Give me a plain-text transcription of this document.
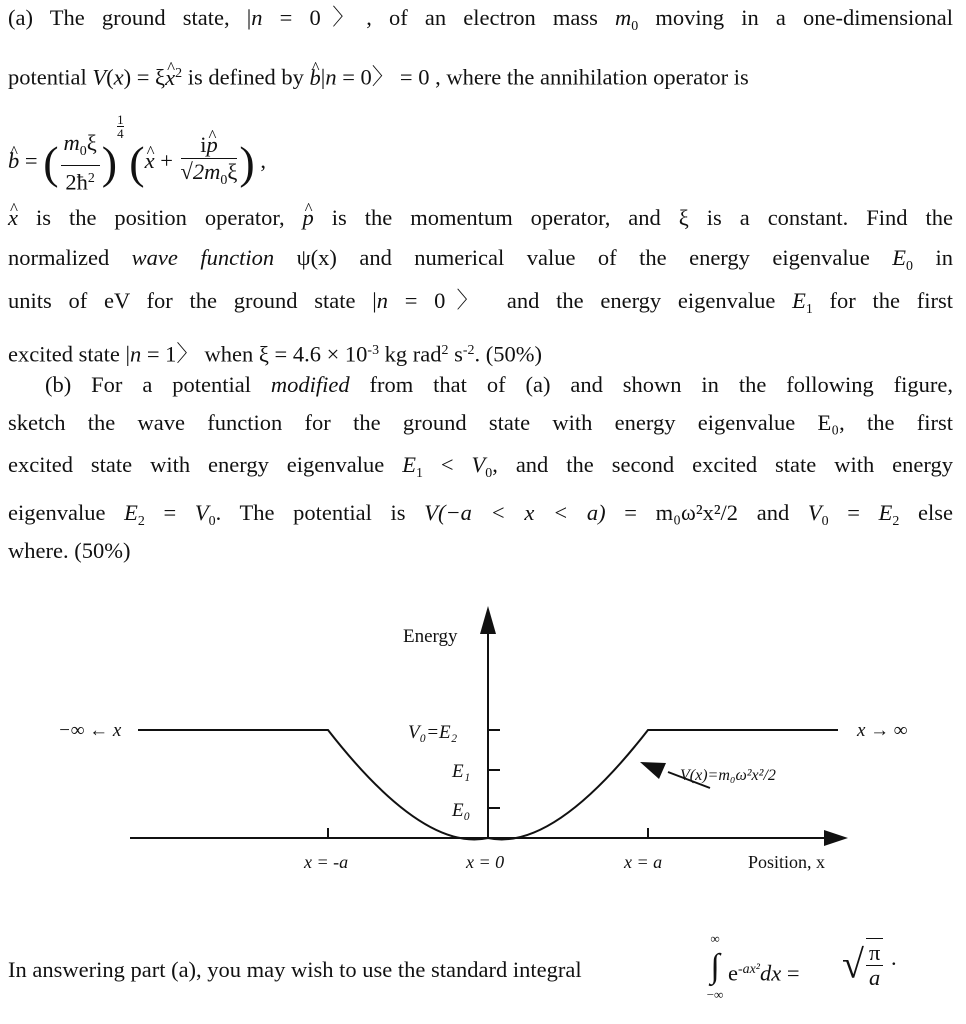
(a) The ground state, |n = 0〉, of an electron mass $m_0$ moving in a one-dimensional
potential V(x) = ξ^ $x^2$ is defined by ^ b|n = 0〉 = 0 , where the annihilation operator is
^ b = ( $\frac{m_0\xi}{2ħ^2}$ )
$\frac{1}{4}$
(^ $x + \frac{i\^{} p}{√2m_0\xi}$ ) ,
^ x is the position operator, ^ p is the momentum operator, and ξ is a constant. Find the
normalized wave function ψ(x) and numerical value of the energy eigenvalue $E_0$ in
units of eV for the ground state |n = 0〉 and the energy eigenvalue $E_1$ for the first
excited state |n = 1〉 when $\xi = 4.6 \times 10^{-3}$ kg rad$^2$ $s^{-2}$. (50%)
(b) For a potential modified from that of (a) and shown in the following figure,
sketch the wave function for the ground state with energy eigenvalue E₀, the first
excited state with energy eigenvalue $E_1 < V_0$, and the second excited state with energy
eigenvalue $E_2 = V_0$. The potential is V(−a < x < a) = m₀ω²x²/2 and $V_0 = E_2$ else
where. (50%)
Energy
−∞ ← x	x → ∞
V₀=E₂
E₁
E₀
V(x)=m₀ω²x²/2
x = -a	x = 0	x = a	Position, x
In answering part (a), you may wish to use the standard integral
∞
∫
−∞
$e^{-ax^2}dx$ = √ $\frac{\pi}{a}$ .
